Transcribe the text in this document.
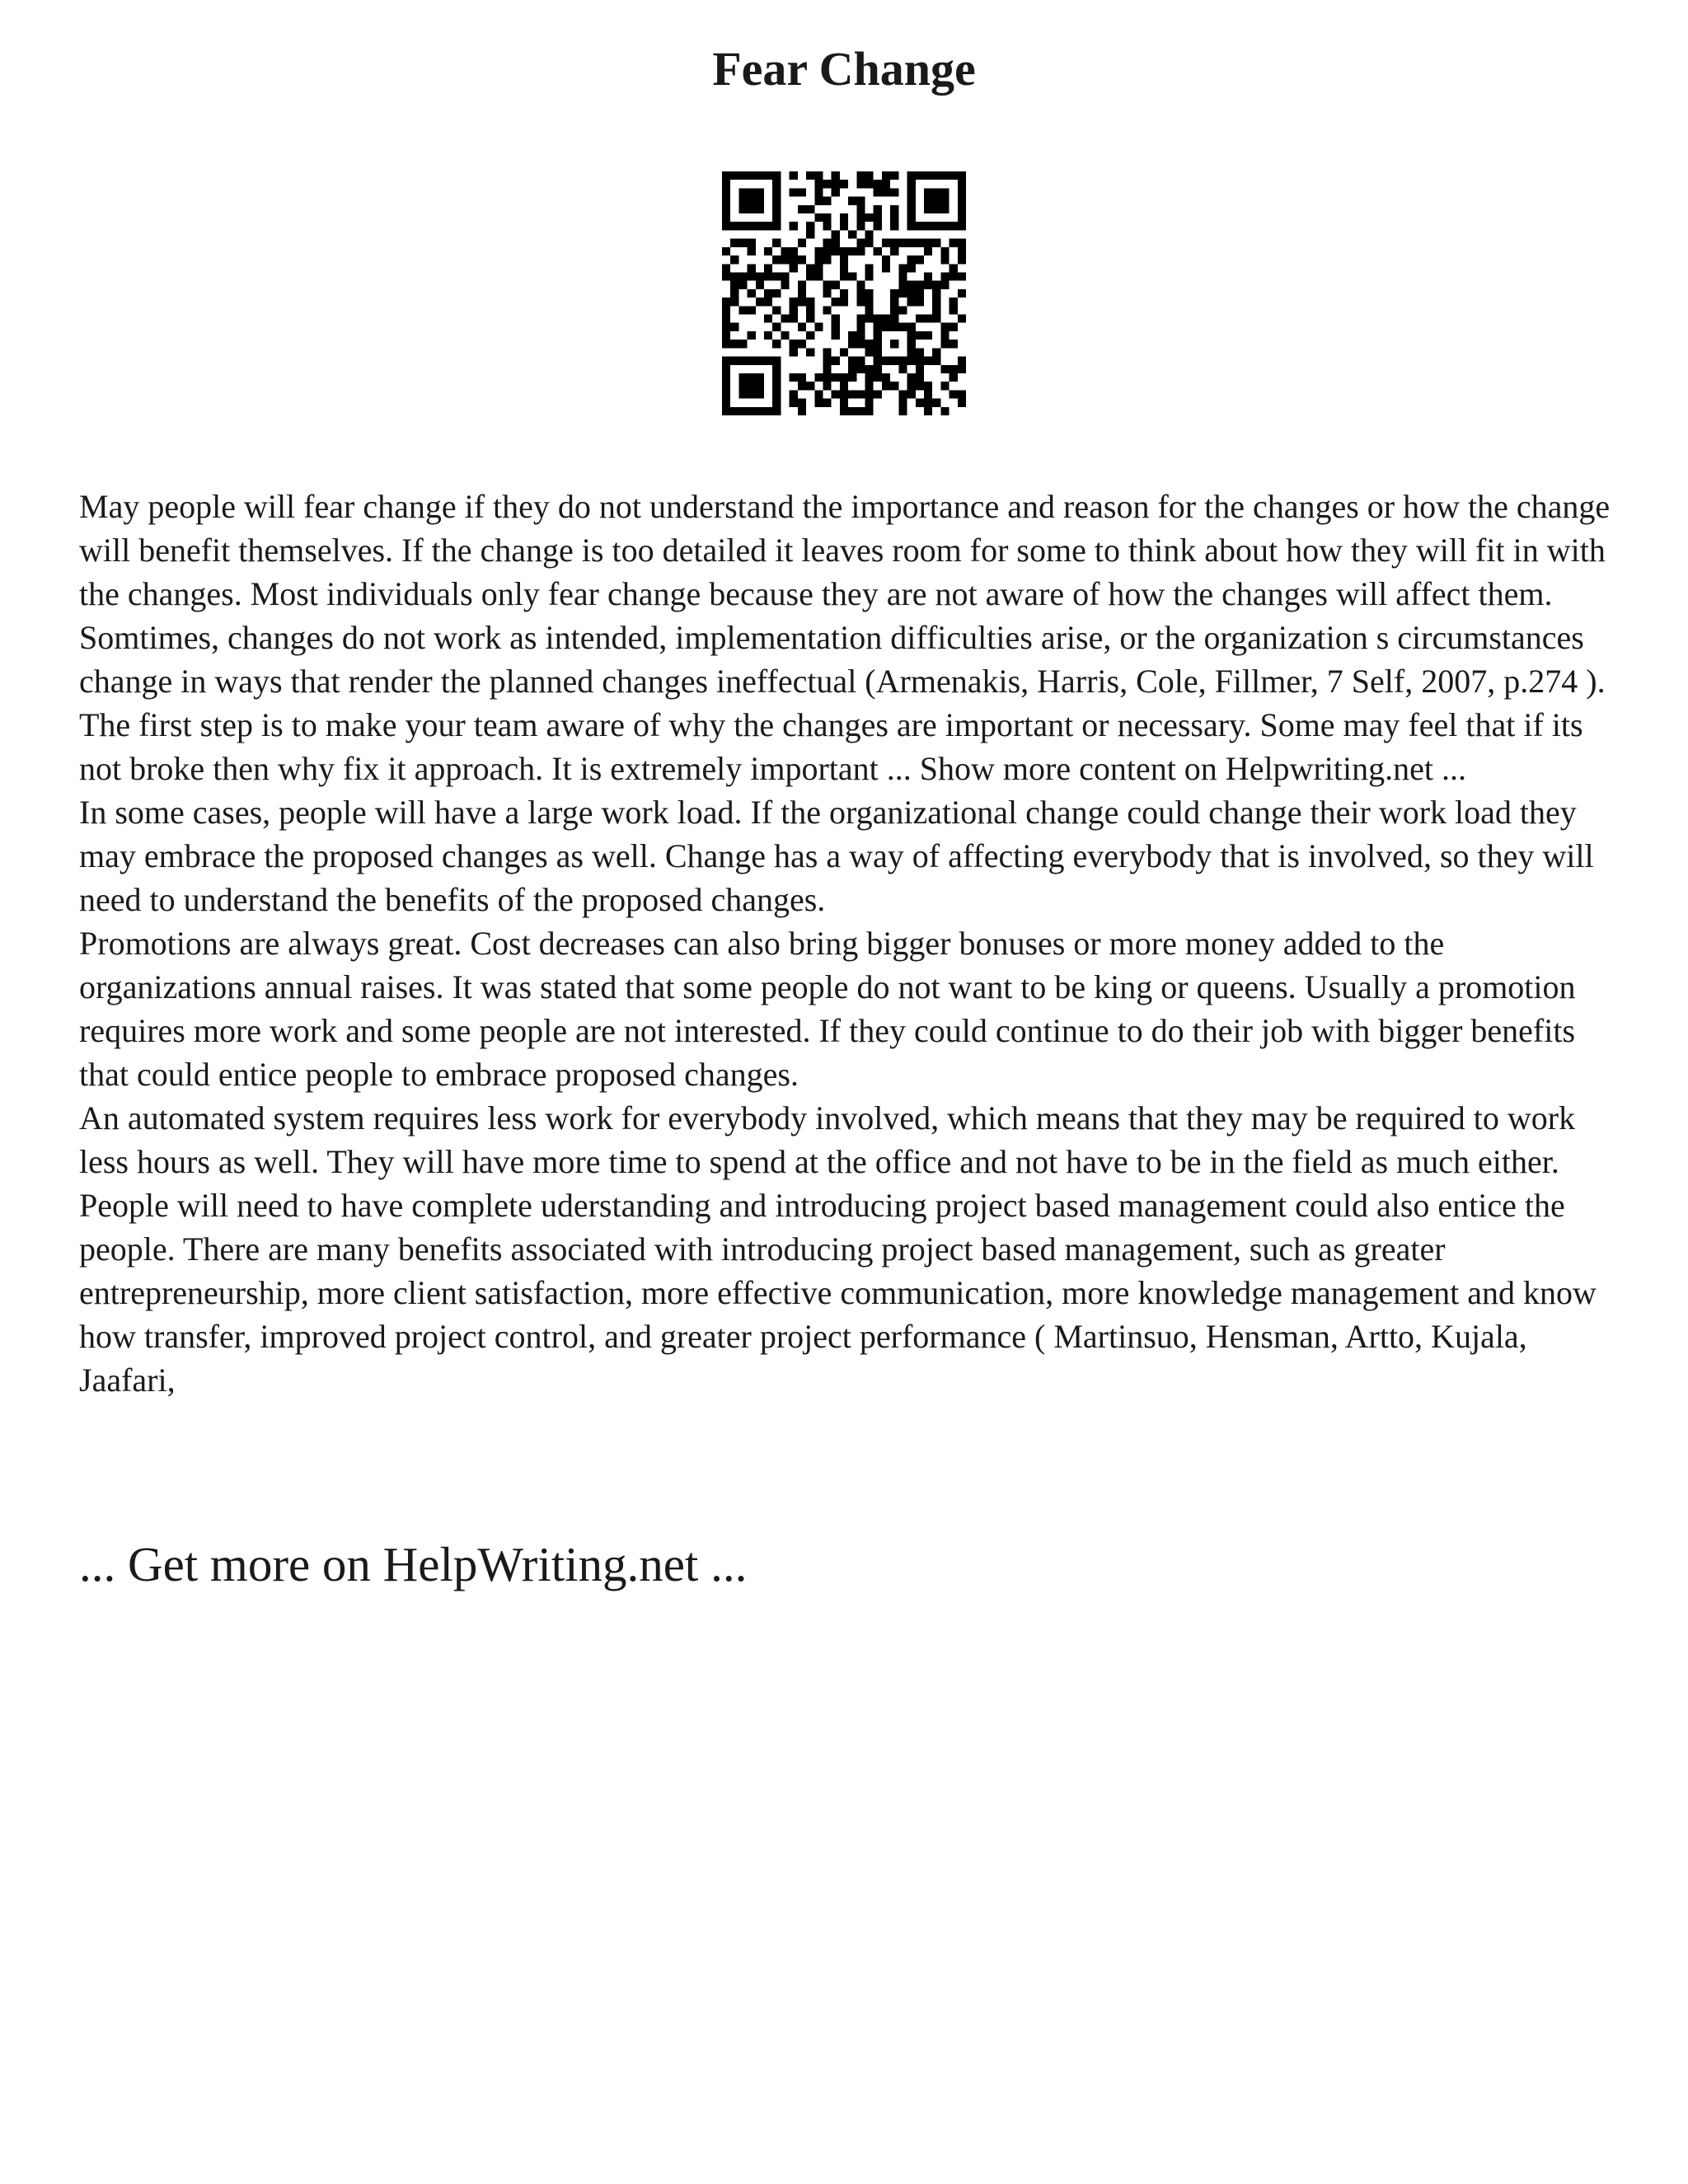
Fear Change

May people will fear change if they do not understand the importance and reason for the changes or how the change will benefit themselves. If the change is too detailed it leaves room for some to think about how they will fit in with the changes. Most individuals only fear change because they are not aware of how the changes will affect them. Somtimes, changes do not work as intended, implementation difficulties arise, or the organization s circumstances change in ways that render the planned changes ineffectual (Armenakis, Harris, Cole, Fillmer, 7 Self, 2007, p.274 ).

The first step is to make your team aware of why the changes are important or necessary. Some may feel that if its not broke then why fix it approach. It is extremely important ... Show more content on Helpwriting.net ...

In some cases, people will have a large work load. If the organizational change could change their work load they may embrace the proposed changes as well. Change has a way of affecting everybody that is involved, so they will need to understand the benefits of the proposed changes.

Promotions are always great. Cost decreases can also bring bigger bonuses or more money added to the organizations annual raises. It was stated that some people do not want to be king or queens. Usually a promotion requires more work and some people are not interested. If they could continue to do their job with bigger benefits that could entice people to embrace proposed changes.

An automated system requires less work for everybody involved, which means that they may be required to work less hours as well. They will have more time to spend at the office and not have to be in the field as much either. People will need to have complete uderstanding and introducing project based management could also entice the people. There are many benefits associated with introducing project based management, such as greater entrepreneurship, more client satisfaction, more effective communication, more knowledge management and know how transfer, improved project control, and greater project performance ( Martinsuo, Hensman, Artto, Kujala, Jaafari,

... Get more on HelpWriting.net ...
